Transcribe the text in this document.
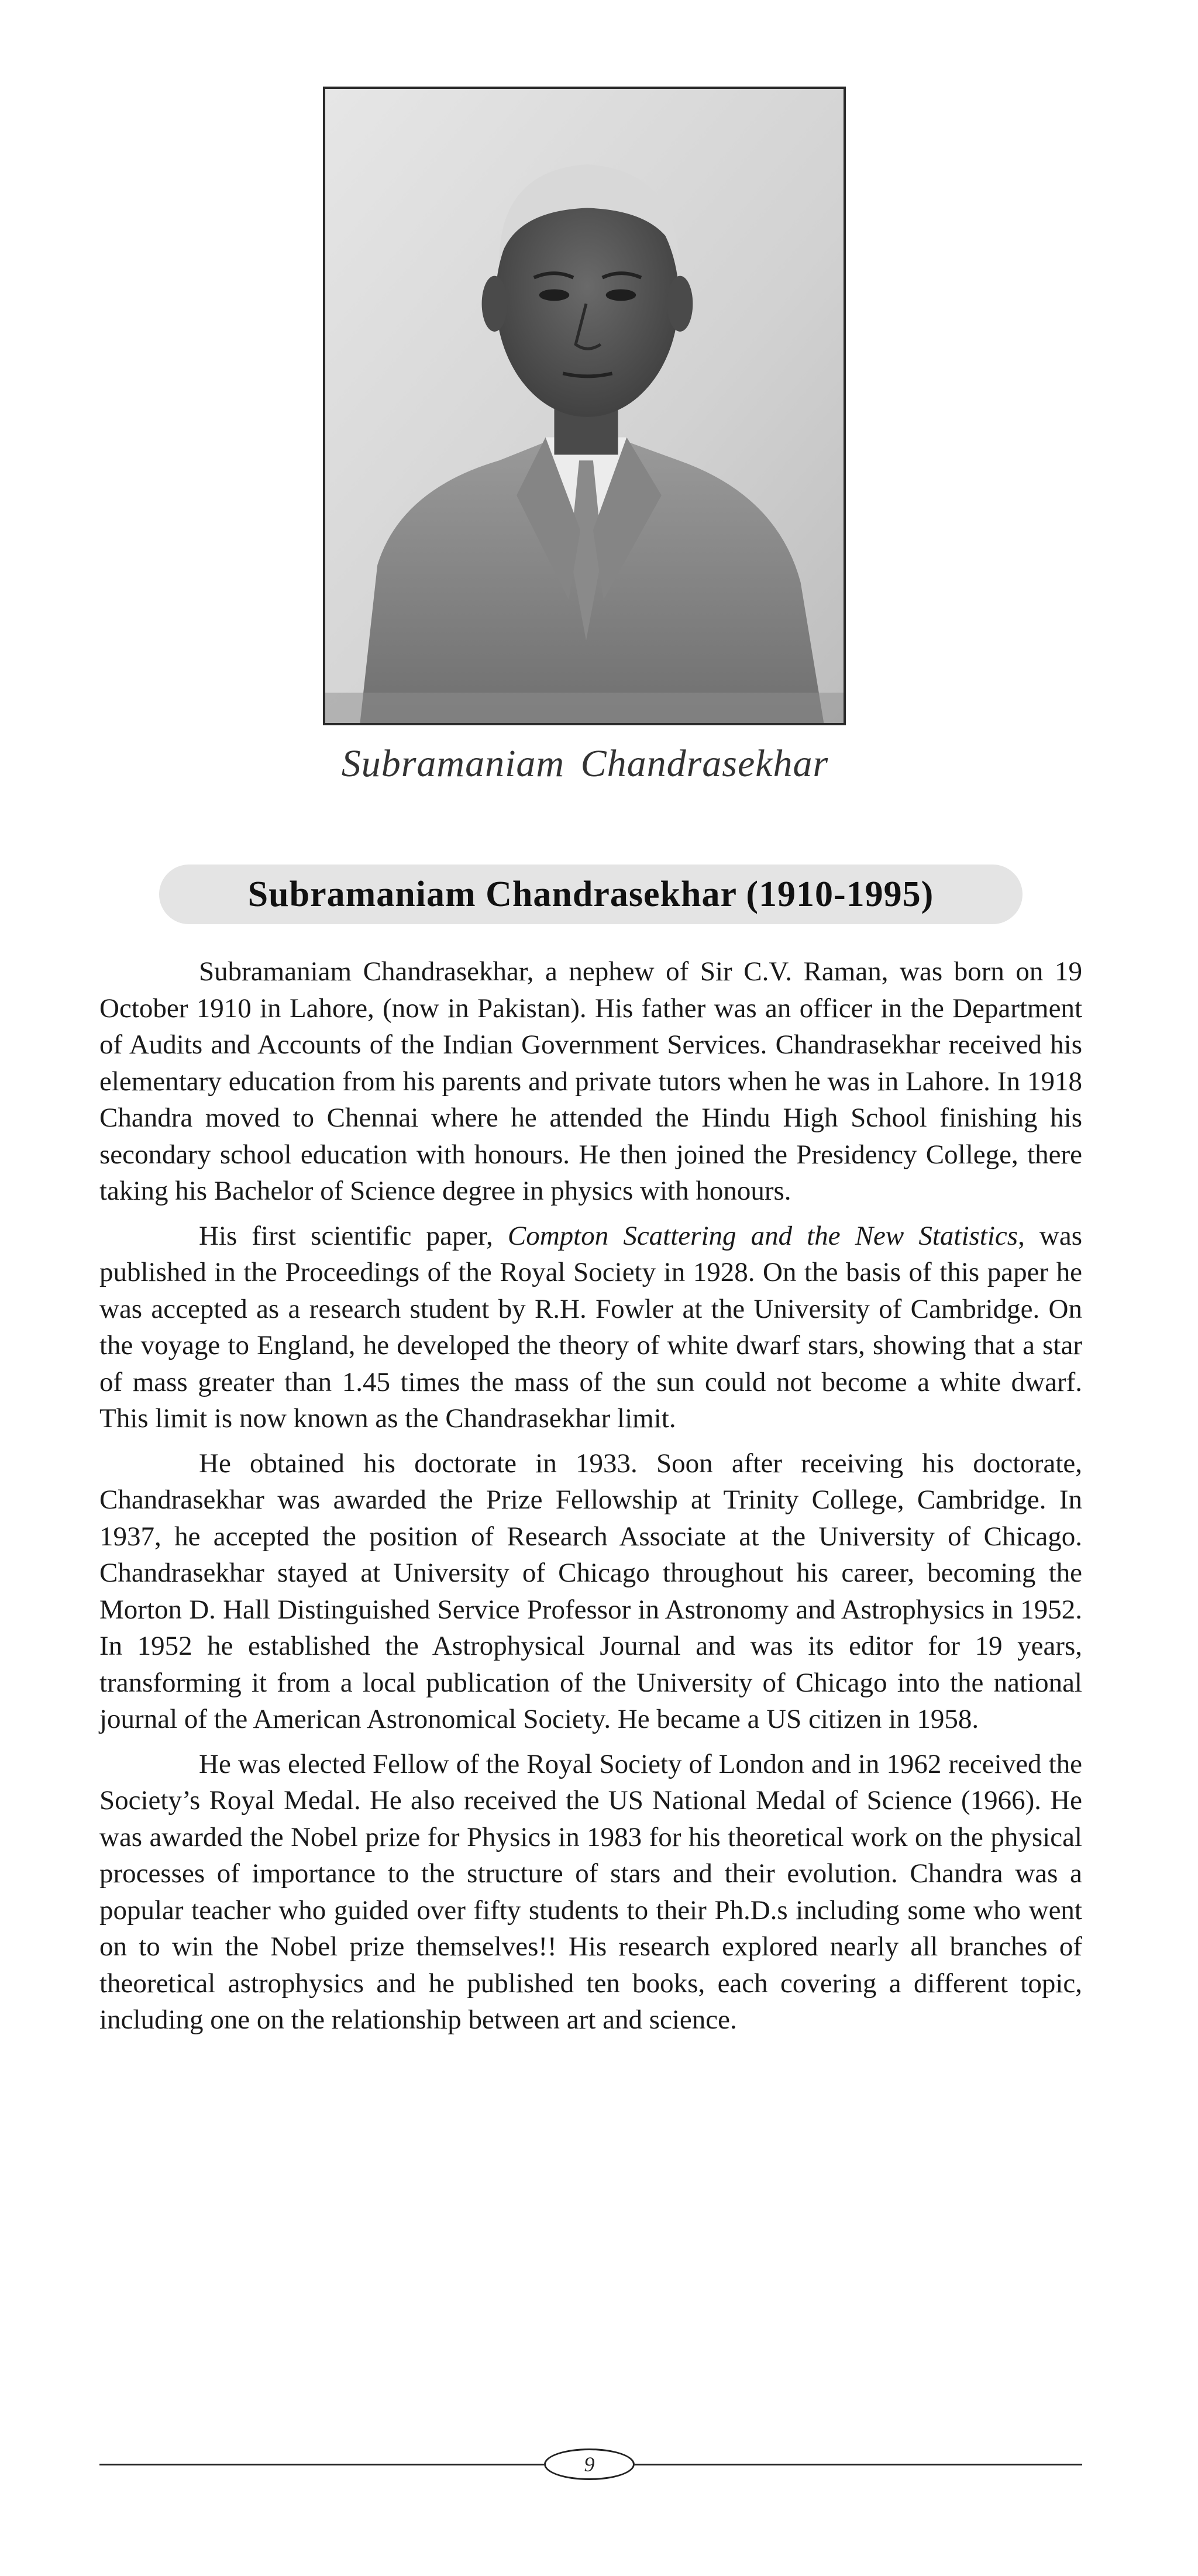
Subramaniam Chandrasekhar
Subramaniam Chandrasekhar (1910-1995)

Subramaniam Chandrasekhar, a nephew of Sir C.V. Raman, was born on 19 October 1910 in Lahore, (now in Pakistan). His father was an officer in the Department of Audits and Accounts of the Indian Government Services. Chandrasekhar received his elementary education from his parents and private tutors when he was in Lahore. In 1918 Chandra moved to Chennai where he attended the Hindu High School finishing his secondary school education with honours. He then joined the Presidency College, there taking his Bachelor of Science degree in physics with honours.

His first scientific paper, Compton Scattering and the New Statistics, was published in the Proceedings of the Royal Society in 1928. On the basis of this paper he was accepted as a research student by R.H. Fowler at the University of Cambridge. On the voyage to England, he developed the theory of white dwarf stars, showing that a star of mass greater than 1.45 times the mass of the sun could not become a white dwarf. This limit is now known as the Chandrasekhar limit.

He obtained his doctorate in 1933. Soon after receiving his doctorate, Chandrasekhar was awarded the Prize Fellowship at Trinity College, Cambridge. In 1937, he accepted the position of Research Associate at the University of Chicago. Chandrasekhar stayed at University of Chicago throughout his career, becoming the Morton D. Hall Distinguished Service Professor in Astronomy and Astrophysics in 1952. In 1952 he established the Astrophysical Journal and was its editor for 19 years, transforming it from a local publication of the University of Chicago into the national journal of the American Astronomical Society. He became a US citizen in 1958.

He was elected Fellow of the Royal Society of London and in 1962 received the Society’s Royal Medal. He also received the US National Medal of Science (1966). He was awarded the Nobel prize for Physics in 1983 for his theoretical work on the physical processes of importance to the structure of stars and their evolution. Chandra was a popular teacher who guided over fifty students to their Ph.D.s including some who went on to win the Nobel prize themselves!! His research explored nearly all branches of theoretical astrophysics and he published ten books, each covering a different topic, including one on the relationship between art and science.

9
